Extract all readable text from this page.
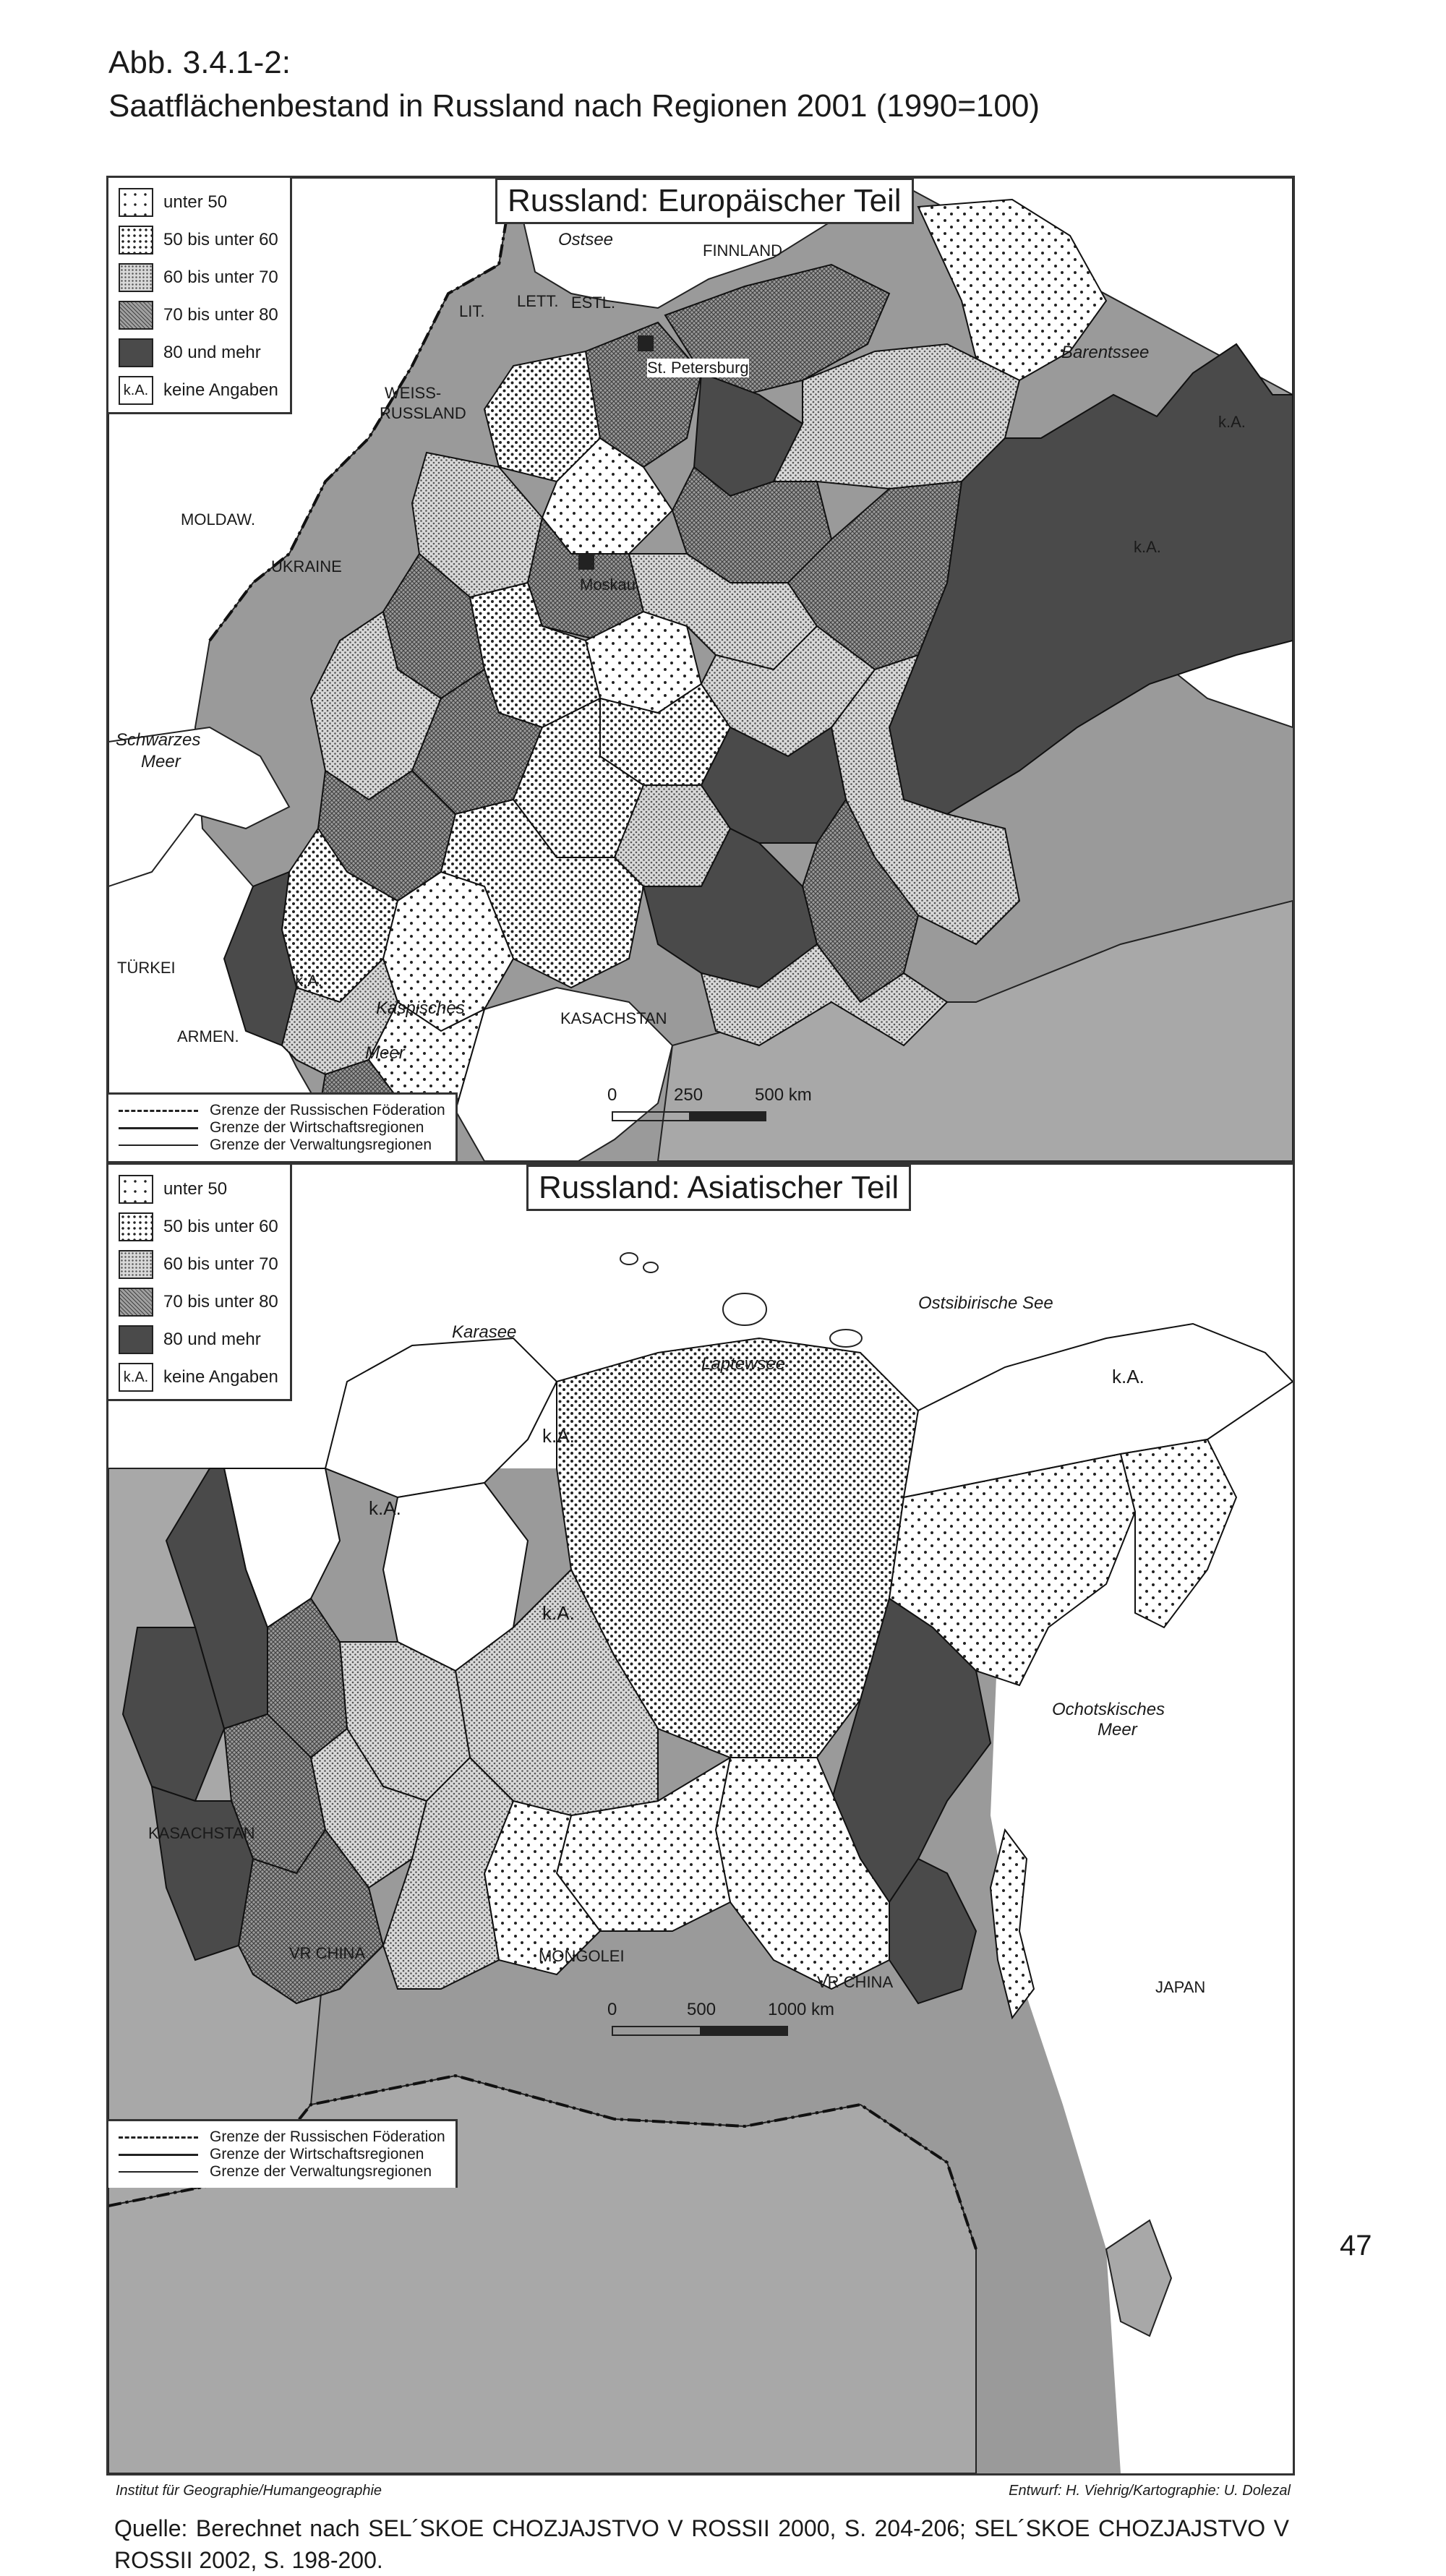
Abb. 3.4.1-2:
Saatflächenbestand in Russland nach Regionen 2001 (1990=100)
unter 50
50 bis unter 60
60 bis unter 70
70 bis unter 80
80 und mehr
k.A. keine Angaben
Russland: Europäischer Teil
Ostsee
FINNLAND
LIT.
LETT. ESTL.
St. Petersburg
Barentssee
k.A.
k.A.
WEISS-
RUSSLAND
MOLDAW.
UKRAINE
Moskau
Schwarzes
Meer
TÜRKEI
k.A.
ARMEN.
Kaspisches
Meer
KASACHSTAN
Grenze der Russischen Föderation
Grenze der Wirtschaftsregionen
Grenze der Verwaltungsregionen
0	250	500 km
unter 50
50 bis unter 60
60 bis unter 70
70 bis unter 80
80 und mehr
k.A. keine Angaben
Russland: Asiatischer Teil
Karasee
Laptewsee
Ostsibirische See
k.A.
k.A.
k.A.
k.A.
Ochotskisches
Meer
KASACHSTAN
VR CHINA	MONGOLEI
VR CHINA	JAPAN
Grenze der Russischen Föderation
Grenze der Wirtschaftsregionen
Grenze der Verwaltungsregionen
0	500	1000 km
Institut für Geographie/Humangeographie	Entwurf: H. Viehrig/Kartographie: U. Dolezal
Quelle: Berechnet nach SEL´SKOE CHOZJAJSTVO V ROSSII 2000, S. 204-206; SEL´SKOE CHOZJAJSTVO V ROSSII 2002, S. 198-200.
47
